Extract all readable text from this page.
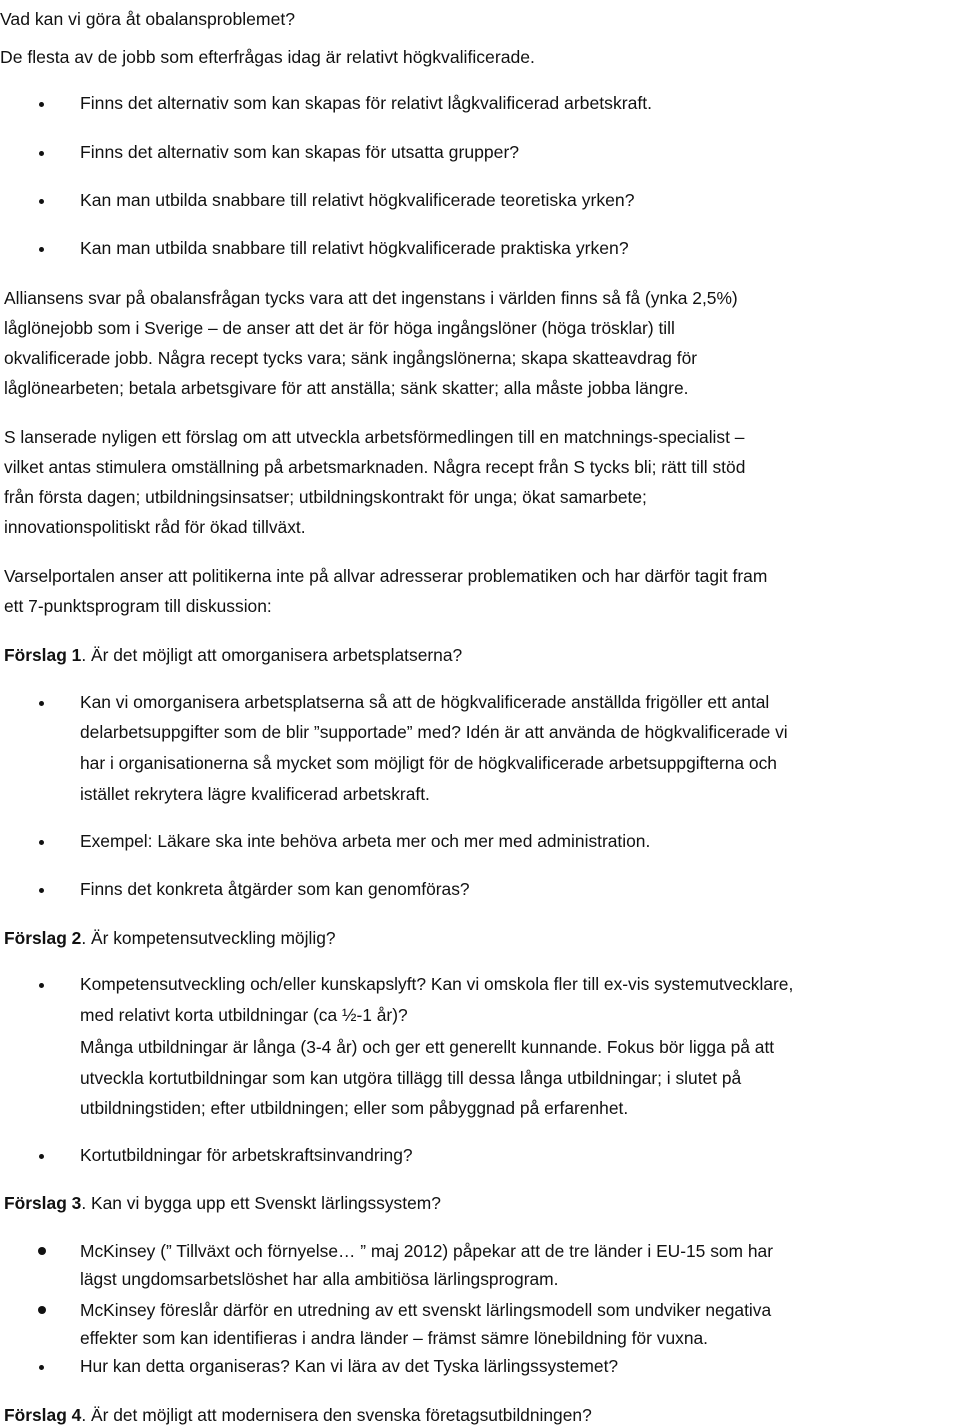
Vad kan vi göra åt obalansproblemet?

De flesta av de jobb som efterfrågas idag är relativt högkvalificerade.

Finns det alternativ som kan skapas för relativt lågkvalificerad arbetskraft.

Finns det alternativ som kan skapas för utsatta grupper?

Kan man utbilda snabbare till relativt högkvalificerade teoretiska yrken?

Kan man utbilda snabbare till relativt högkvalificerade praktiska yrken?

Alliansens svar på obalansfrågan tycks vara att det ingenstans i världen finns så få (ynka 2,5%)

låglönejobb som i Sverige – de anser att det är för höga ingångslöner (höga trösklar) till

okvalificerade jobb. Några recept tycks vara; sänk ingångslönerna; skapa skatteavdrag för

låglönearbeten; betala arbetsgivare för att anställa; sänk skatter; alla måste jobba längre.

S lanserade nyligen ett förslag om att utveckla arbetsförmedlingen till en matchnings-specialist –

vilket antas stimulera omställning på arbetsmarknaden. Några recept från S tycks bli; rätt till stöd

från första dagen; utbildningsinsatser; utbildningskontrakt för unga; ökat samarbete;

innovationspolitiskt råd för ökad tillväxt.

Varselportalen anser att politikerna inte på allvar adresserar problematiken och har därför tagit fram

ett 7-punktsprogram till diskussion:

Förslag 1. Är det möjligt att omorganisera arbetsplatserna?

Kan vi omorganisera arbetsplatserna så att de högkvalificerade anställda frigöller ett antal

delarbetsuppgifter som de blir ”supportade” med? Idén är att använda de högkvalificerade vi

har i organisationerna så mycket som möjligt för de högkvalificerade arbetsuppgifterna och

istället rekrytera lägre kvalificerad arbetskraft.

Exempel: Läkare ska inte behöva arbeta mer och mer med administration.

Finns det konkreta åtgärder som kan genomföras?

Förslag 2. Är kompetensutveckling möjlig?

Kompetensutveckling och/eller kunskapslyft? Kan vi omskola fler till ex-vis systemutvecklare,

med relativt korta utbildningar (ca ½-1 år)?

Många utbildningar är långa (3-4 år) och ger ett generellt kunnande. Fokus bör ligga på att

utveckla kortutbildningar som kan utgöra tillägg till dessa långa utbildningar; i slutet på

utbildningstiden; efter utbildningen; eller som påbyggnad på erfarenhet.

Kortutbildningar för arbetskraftsinvandring?

Förslag 3. Kan vi bygga upp ett Svenskt lärlingssystem?

McKinsey (” Tillväxt och förnyelse… ” maj 2012) påpekar att de tre länder i EU-15 som har

lägst ungdomsarbetslöshet har alla ambitiösa lärlingsprogram.

McKinsey föreslår därför en utredning av ett svenskt lärlingsmodell som undviker negativa

effekter som kan identifieras i andra länder – främst sämre lönebildning för vuxna.

Hur kan detta organiseras? Kan vi lära av det Tyska lärlingssystemet?

Förslag 4. Är det möjligt att modernisera den svenska företagsutbildningen?
